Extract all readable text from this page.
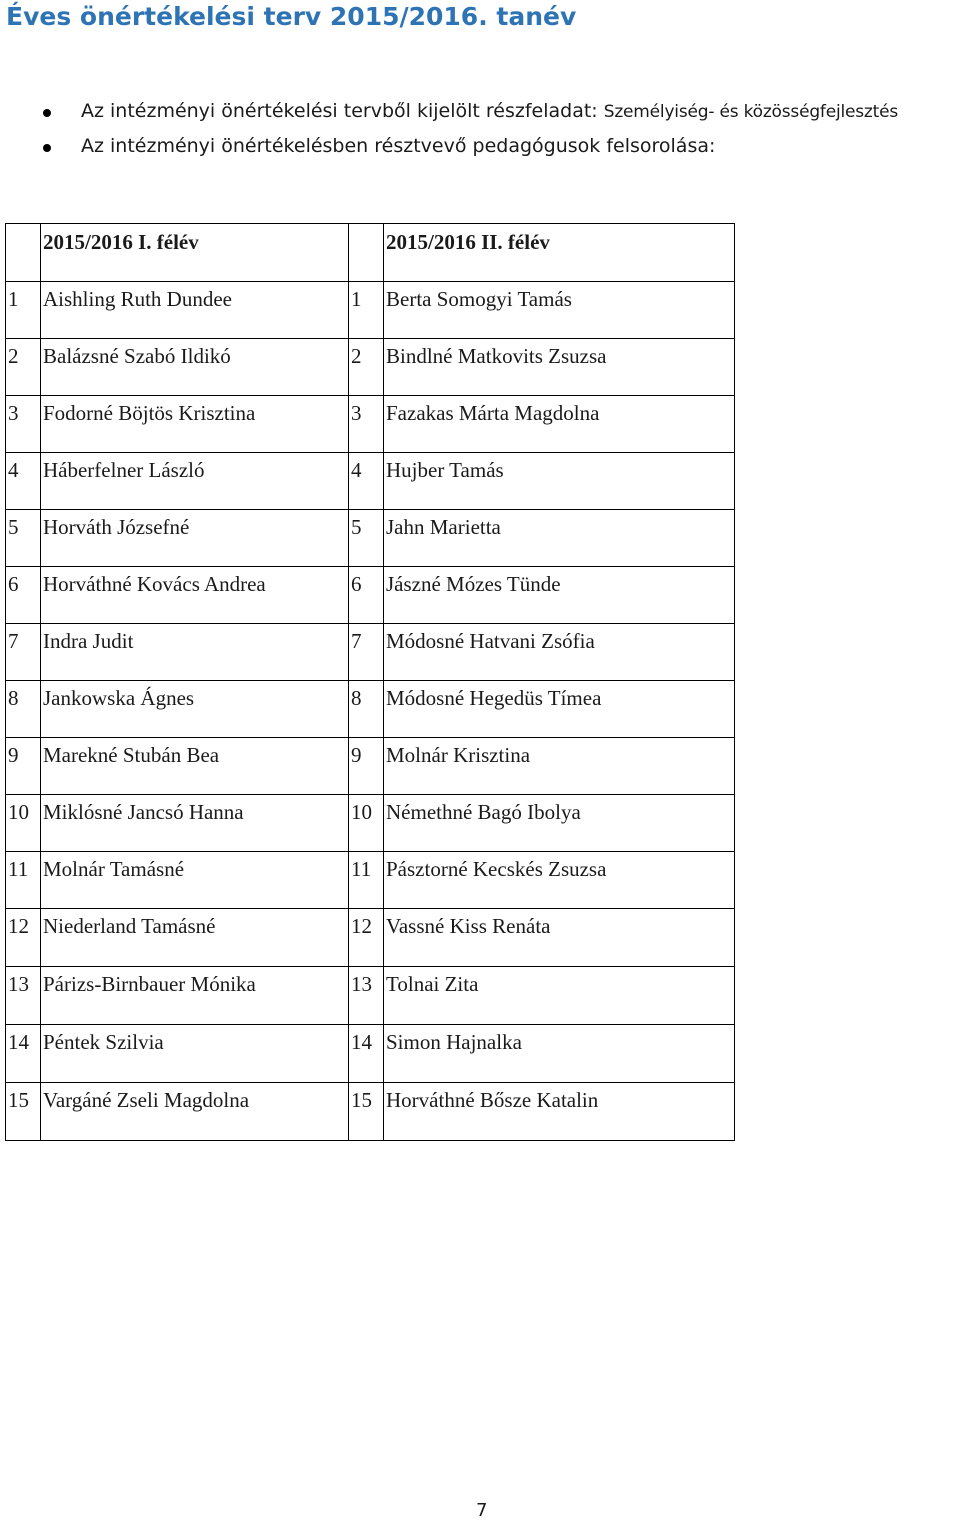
Éves önértékelési terv 2015/2016. tanév
Az intézményi önértékelési tervből kijelölt részfeladat: Személyiség- és közösségfejlesztés
Az intézményi önértékelésben résztvevő pedagógusok felsorolása:
	2015/2016 I. félév		2015/2016 II. félév
1	Aishling Ruth Dundee	1	Berta Somogyi Tamás
2	Balázsné Szabó Ildikó	2	Bindlné Matkovits Zsuzsa
3	Fodorné Böjtös Krisztina	3	Fazakas Márta Magdolna
4	Háberfelner László	4	Hujber Tamás
5	Horváth Józsefné	5	Jahn Marietta
6	Horváthné Kovács Andrea	6	Jászné Mózes Tünde
7	Indra Judit	7	Módosné Hatvani Zsófia
8	Jankowska Ágnes	8	Módosné Hegedüs Tímea
9	Marekné Stubán Bea	9	Molnár Krisztina
10	Miklósné Jancsó Hanna	10	Némethné Bagó Ibolya
11	Molnár Tamásné	11	Pásztorné Kecskés Zsuzsa
12	Niederland Tamásné	12	Vassné Kiss Renáta
13	Párizs-Birnbauer Mónika	13	Tolnai Zita
14	Péntek Szilvia	14	Simon Hajnalka
15	Vargáné Zseli Magdolna	15	Horváthné Bősze Katalin
7
